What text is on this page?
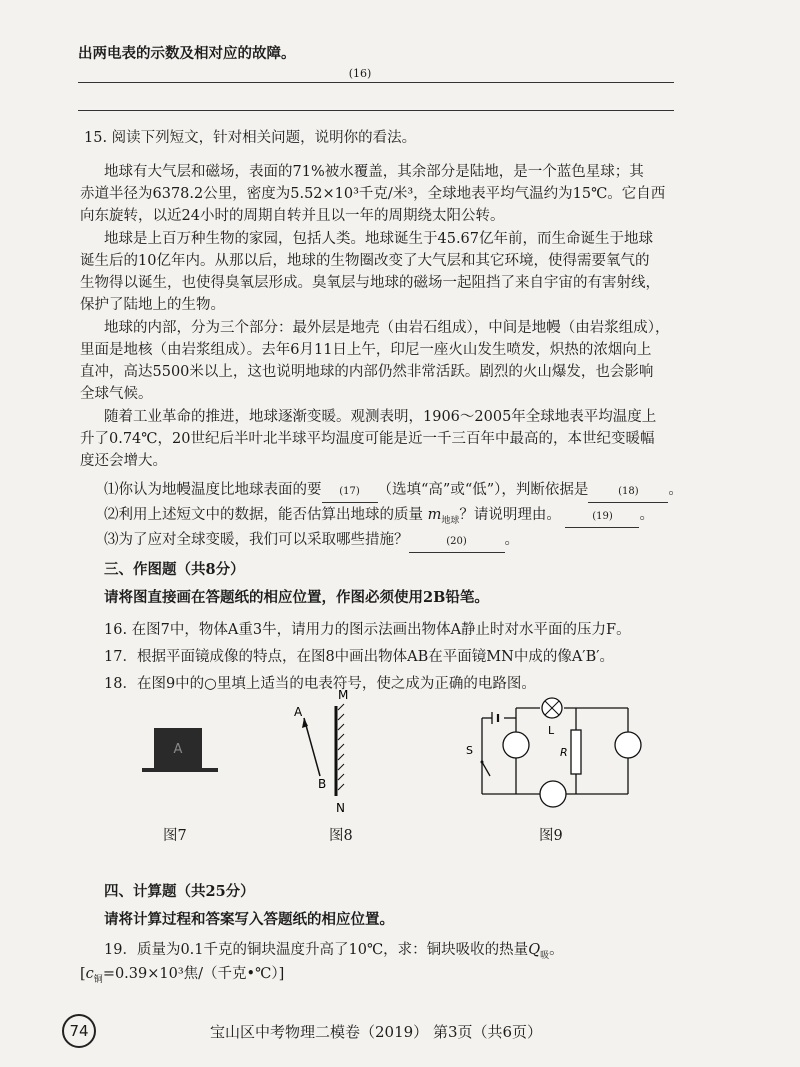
出两电表的示数及相对应的故障。
(16)
15. 阅读下列短文，针对相关问题，说明你的看法。
地球有大气层和磁场，表面的71%被水覆盖，其余部分是陆地，是一个蓝色星球；其
赤道半径为6378.2公里，密度为5.52×10³千克/米³，全球地表平均气温约为15℃。它自西
向东旋转，以近24小时的周期自转并且以一年的周期绕太阳公转。
地球是上百万种生物的家园，包括人类。地球诞生于45.67亿年前，而生命诞生于地球
诞生后的10亿年内。从那以后，地球的生物圈改变了大气层和其它环境，使得需要氧气的
生物得以诞生，也使得臭氧层形成。臭氧层与地球的磁场一起阻挡了来自宇宙的有害射线，
保护了陆地上的生物。
地球的内部，分为三个部分：最外层是地壳（由岩石组成），中间是地幔（由岩浆组成），
里面是地核（由岩浆组成）。去年6月11日上午，印尼一座火山发生喷发，炽热的浓烟向上
直冲，高达5500米以上，这也说明地球的内部仍然非常活跃。剧烈的火山爆发，也会影响
全球气候。
随着工业革命的推进，地球逐渐变暖。观测表明，1906～2005年全球地表平均温度上
升了0.74℃，20世纪后半叶北半球平均温度可能是近一千三百年中最高的，本世纪变暖幅
度还会增大。
⑴你认为地幔温度比地球表面的要 (17) （选填“高”或“低”），判断依据是	(18) 。
⑵利用上述短文中的数据，能否估算出地球的质量 $m_{地球}$？请说明理由。	(19) 。
⑶为了应对全球变暖，我们可以采取哪些措施？	(20)	。
三、作图题（共8分）
请将图直接画在答题纸的相应位置，作图必须使用2B铅笔。
16. 在图7中，物体A重3牛，请用力的图示法画出物体A静止时对水平面的压力F。
17．根据平面镜成像的特点，在图8中画出物体AB在平面镜MN中成的像A′B′。
18．在图9中的○里填上适当的电表符号，使之成为正确的电路图。
A
图7
M
A
B
N
图8
S
L
R
图9
四、计算题（共25分）
请将计算过程和答案写入答题纸的相应位置。
19．质量为0.1千克的铜块温度升高了10℃，求：铜块吸收的热量$Q_吸$。
[$c_铜=0.39\times 10^3$焦/（千克•℃）]
74	宝山区中考物理二模卷（2019） 第3页（共6页）
